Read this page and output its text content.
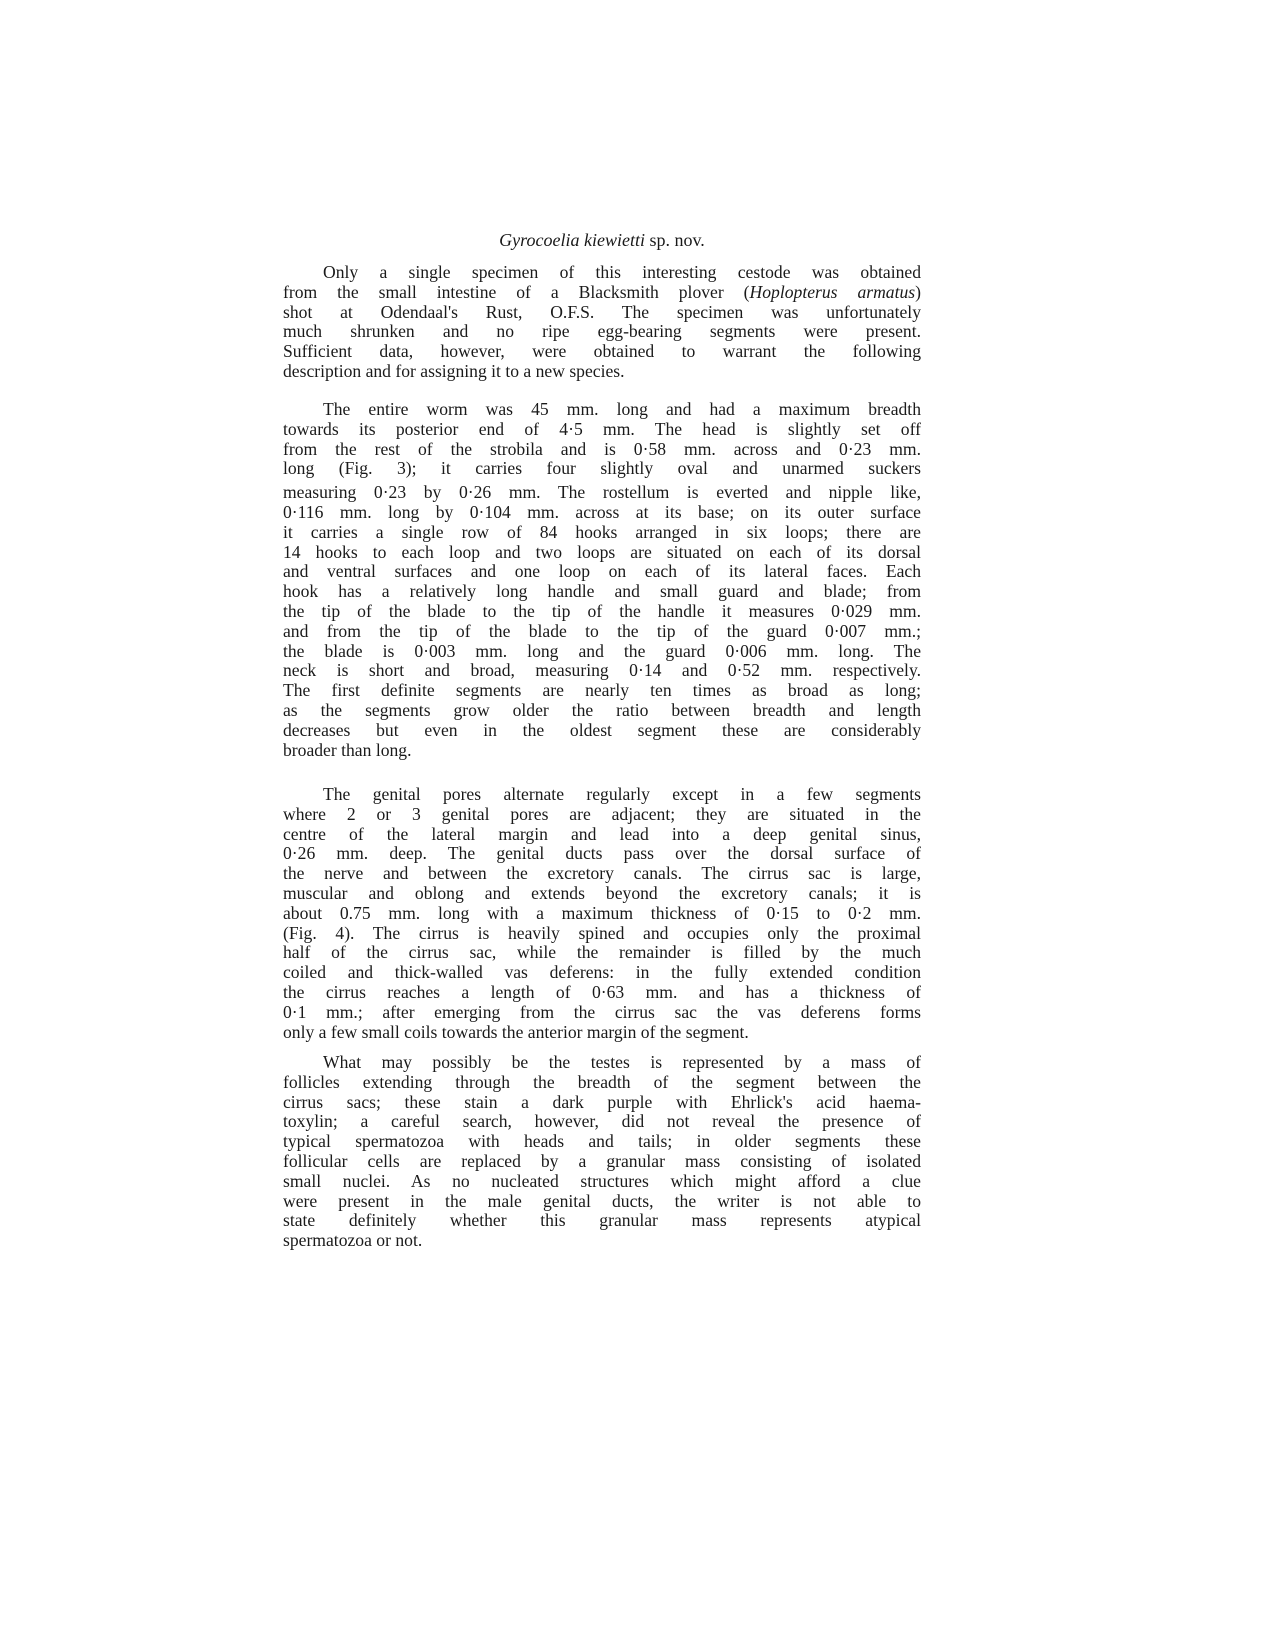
Gyrocoelia kiewietti sp. nov.
Only a single specimen of this interesting cestode was obtained
from the small intestine of a Blacksmith plover (Hoplopterus armatus)
shot at Odendaal's Rust, O.F.S. The specimen was unfortunately
much shrunken and no ripe egg-bearing segments were present.
Sufficient data, however, were obtained to warrant the following
description and for assigning it to a new species.
The entire worm was 45 mm. long and had a maximum breadth
towards its posterior end of 4·5 mm. The head is slightly set off
from the rest of the strobila and is 0·58 mm. across and 0·23 mm.
long (Fig. 3); it carries four slightly oval and unarmed suckers
measuring 0·23 by 0·26 mm. The rostellum is everted and nipple like,
0·116 mm. long by 0·104 mm. across at its base; on its outer surface
it carries a single row of 84 hooks arranged in six loops; there are
14 hooks to each loop and two loops are situated on each of its dorsal
and ventral surfaces and one loop on each of its lateral faces. Each
hook has a relatively long handle and small guard and blade; from
the tip of the blade to the tip of the handle it measures 0·029 mm.
and from the tip of the blade to the tip of the guard 0·007 mm.;
the blade is 0·003 mm. long and the guard 0·006 mm. long. The
neck is short and broad, measuring 0·14 and 0·52 mm. respectively.
The first definite segments are nearly ten times as broad as long;
as the segments grow older the ratio between breadth and length
decreases but even in the oldest segment these are considerably
broader than long.
The genital pores alternate regularly except in a few segments
where 2 or 3 genital pores are adjacent; they are situated in the
centre of the lateral margin and lead into a deep genital sinus,
0·26 mm. deep. The genital ducts pass over the dorsal surface of
the nerve and between the excretory canals. The cirrus sac is large,
muscular and oblong and extends beyond the excretory canals; it is
about 0.75 mm. long with a maximum thickness of 0·15 to 0·2 mm.
(Fig. 4). The cirrus is heavily spined and occupies only the proximal
half of the cirrus sac, while the remainder is filled by the much
coiled and thick-walled vas deferens: in the fully extended condition
the cirrus reaches a length of 0·63 mm. and has a thickness of
0·1 mm.; after emerging from the cirrus sac the vas deferens forms
only a few small coils towards the anterior margin of the segment.
What may possibly be the testes is represented by a mass of
follicles extending through the breadth of the segment between the
cirrus sacs; these stain a dark purple with Ehrlick's acid haema-
toxylin; a careful search, however, did not reveal the presence of
typical spermatozoa with heads and tails; in older segments these
follicular cells are replaced by a granular mass consisting of isolated
small nuclei. As no nucleated structures which might afford a clue
were present in the male genital ducts, the writer is not able to
state definitely whether this granular mass represents atypical
spermatozoa or not.
